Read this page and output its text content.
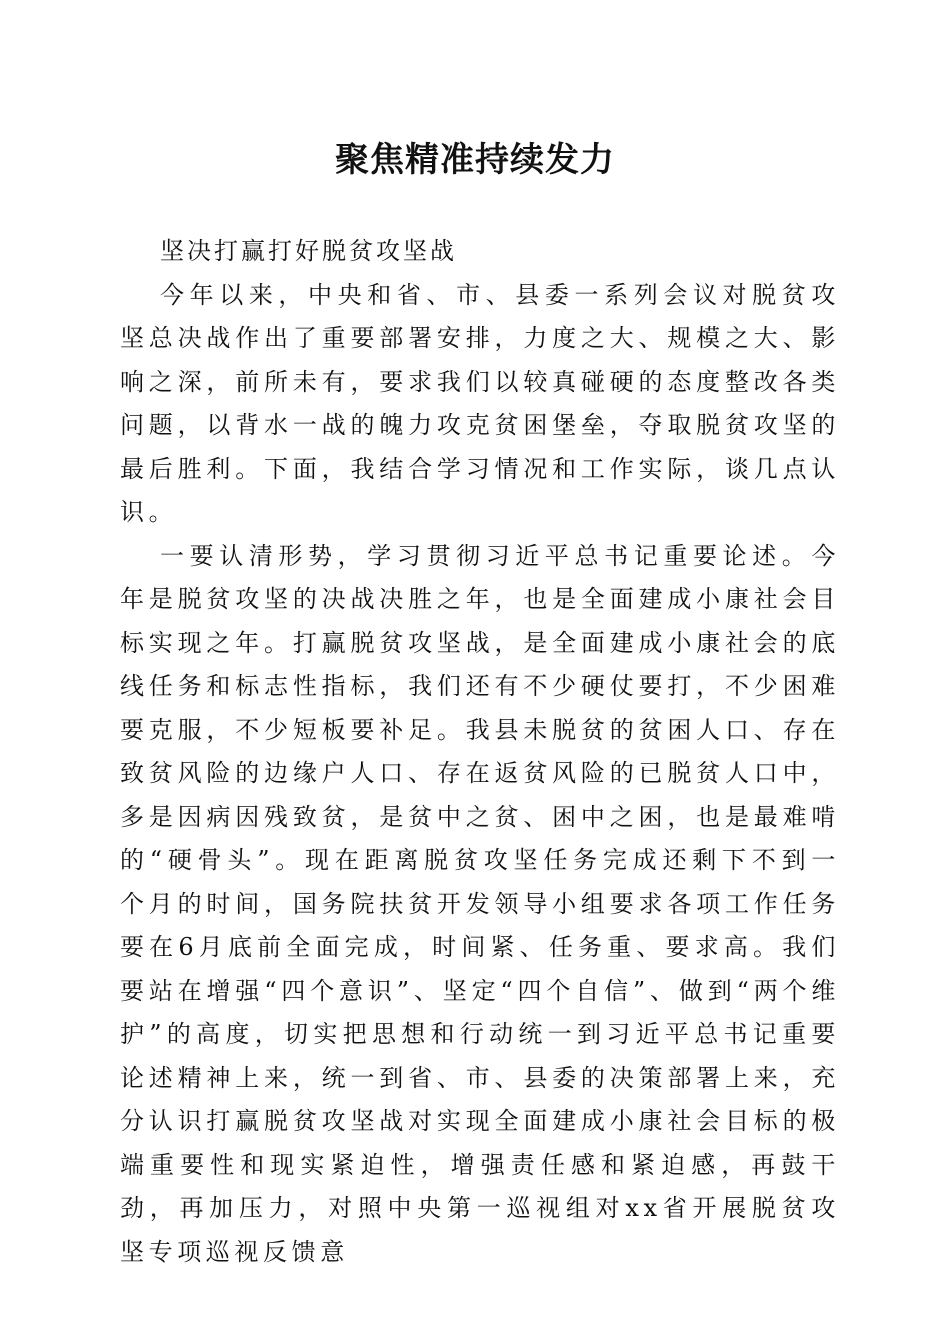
聚焦精准持续发力

坚决打赢打好脱贫攻坚战

今年以来，中央和省、市、县委一系列会议对脱贫攻坚总决战作出了重要部署安排，力度之大、规模之大、影响之深，前所未有，要求我们以较真碰硬的态度整改各类问题，以背水一战的魄力攻克贫困堡垒，夺取脱贫攻坚的最后胜利。下面，我结合学习情况和工作实际，谈几点认识。

一要认清形势，学习贯彻习近平总书记重要论述。今年是脱贫攻坚的决战决胜之年，也是全面建成小康社会目标实现之年。打赢脱贫攻坚战，是全面建成小康社会的底线任务和标志性指标，我们还有不少硬仗要打，不少困难要克服，不少短板要补足。我县未脱贫的贫困人口、存在致贫风险的边缘户人口、存在返贫风险的已脱贫人口中，多是因病因残致贫，是贫中之贫、困中之困，也是最难啃的“硬骨头”。现在距离脱贫攻坚任务完成还剩下不到一个月的时间，国务院扶贫开发领导小组要求各项工作任务要在6月底前全面完成，时间紧、任务重、要求高。我们要站在增强“四个意识”、坚定“四个自信”、做到“两个维护”的高度，切实把思想和行动统一到习近平总书记重要论述精神上来，统一到省、市、县委的决策部署上来，充分认识打赢脱贫攻坚战对实现全面建成小康社会目标的极端重要性和现实紧迫性，增强责任感和紧迫感，再鼓干劲，再加压力，对照中央第一巡视组对xx省开展脱贫攻坚专项巡视反馈意
